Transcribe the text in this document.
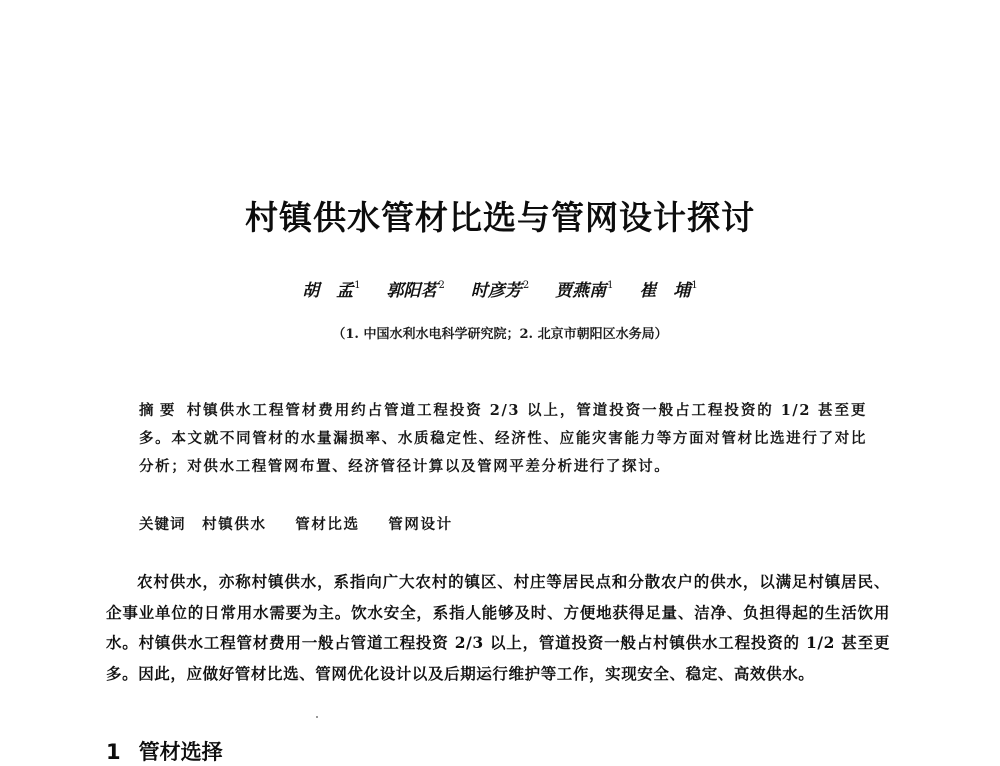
村镇供水管材比选与管网设计探讨
胡　孟$^1$ 郭阳茗$^2$ 时彦芳$^2$ 贾燕南$^1$ 崔　埔$^1$
（1. 中国水利水电科学研究院；2. 北京市朝阳区水务局）
摘要 村镇供水工程管材费用约占管道工程投资 2/3 以上，管道投资一般占工程投资的 1/2 甚至更多。本文就不同管材的水量漏损率、水质稳定性、经济性、应能灾害能力等方面对管材比选进行了对比分析；对供水工程管网布置、经济管径计算以及管网平差分析进行了探讨。
关键词 村镇供水 管材比选 管网设计
农村供水，亦称村镇供水，系指向广大农村的镇区、村庄等居民点和分散农户的供水，以满足村镇居民、企事业单位的日常用水需要为主。饮水安全，系指人能够及时、方便地获得足量、洁净、负担得起的生活饮用水。村镇供水工程管材费用一般占管道工程投资 2/3 以上，管道投资一般占村镇供水工程投资的 1/2 甚至更多。因此，应做好管材比选、管网优化设计以及后期运行维护等工作，实现安全、稳定、高效供水。
1 管材选择
